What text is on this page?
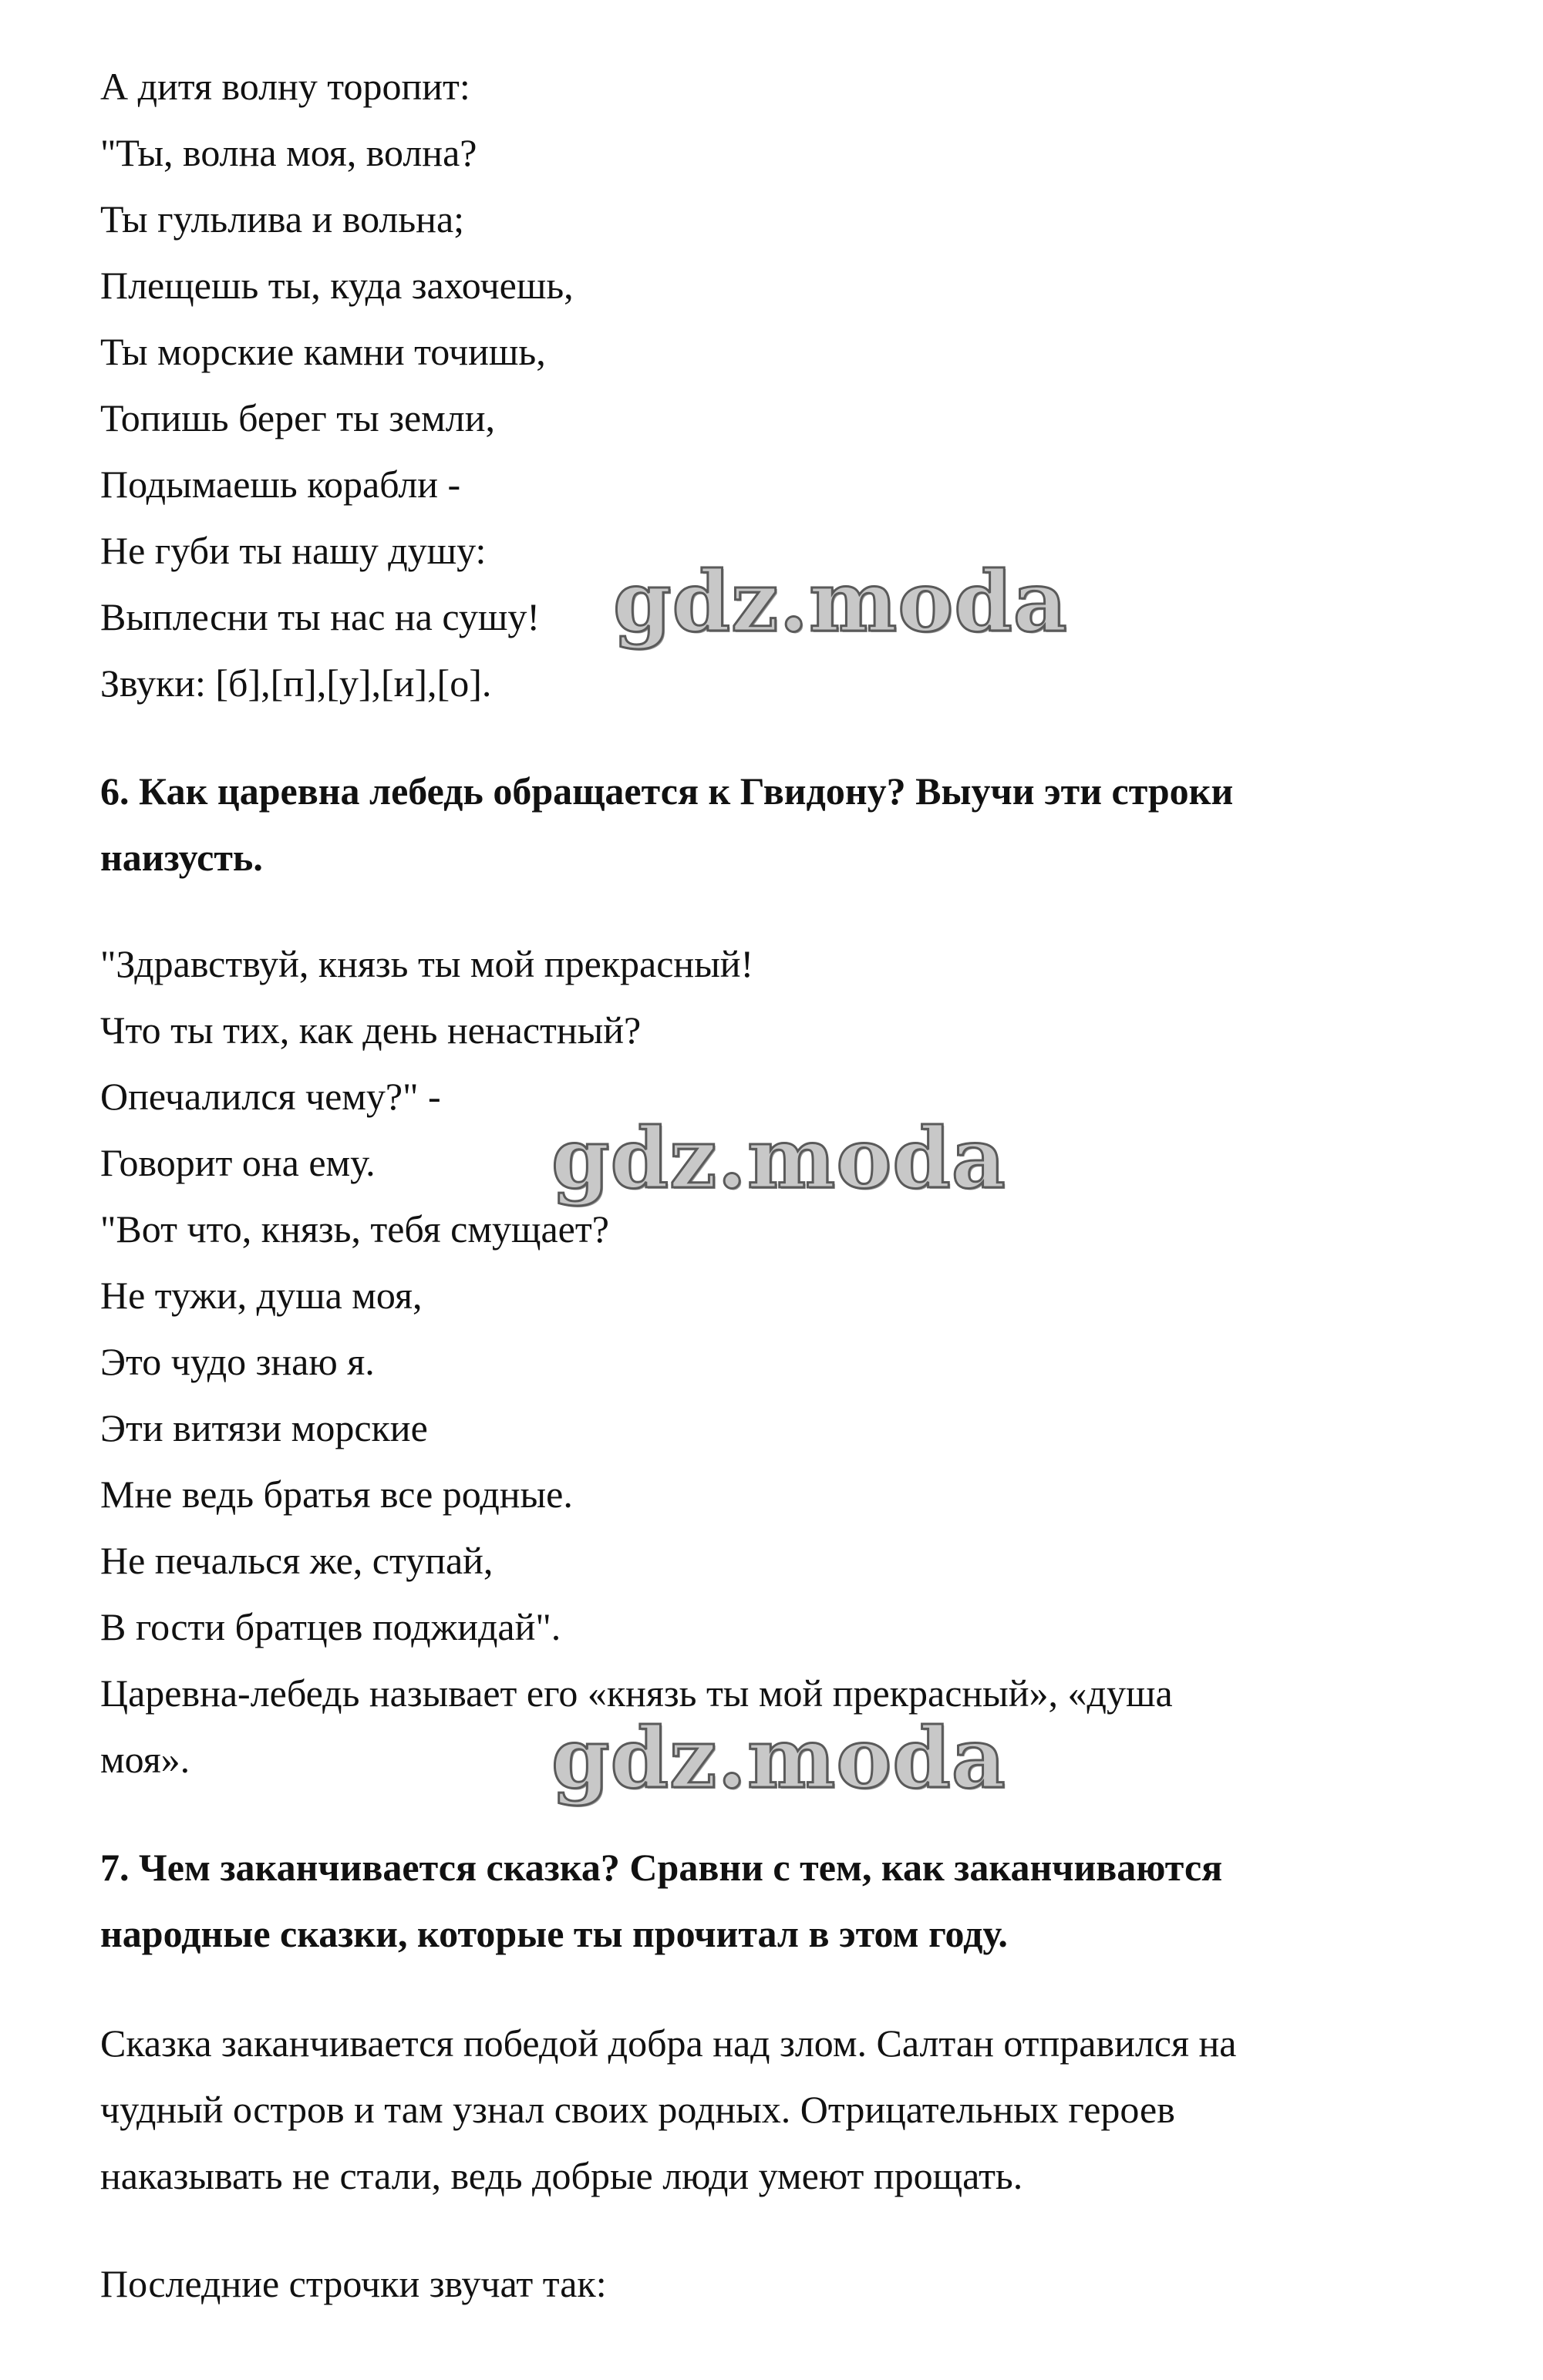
А дитя волну торопит:
"Ты, волна моя, волна?
Ты гульлива и вольна;
Плещешь ты, куда захочешь,
Ты морские камни точишь,
Топишь берег ты земли,
Подымаешь корабли -
Не губи ты нашу душу:
Выплесни ты нас на сушу!
Звуки: [б],[п],[у],[и],[о].
6. Как царевна лебедь обращается к Гвидону? Выучи эти строки
наизусть.
"Здравствуй, князь ты мой прекрасный!
Что ты тих, как день ненастный?
Опечалился чему?" -
Говорит она ему.
"Вот что, князь, тебя смущает?
Не тужи, душа моя,
Это чудо знаю я.
Эти витязи морские
Мне ведь братья все родные.
Не печалься же, ступай,
В гости братцев поджидай".
Царевна-лебедь называет его «князь ты мой прекрасный», «душа
моя».
7. Чем заканчивается сказка? Сравни с тем, как заканчиваются
народные сказки, которые ты прочитал в этом году.
Сказка заканчивается победой добра над злом. Салтан отправился на
чудный остров и там узнал своих родных. Отрицательных героев
наказывать не стали, ведь добрые люди умеют прощать.
Последние строчки звучат так:
gdz.moda
gdz.moda
gdz.moda
